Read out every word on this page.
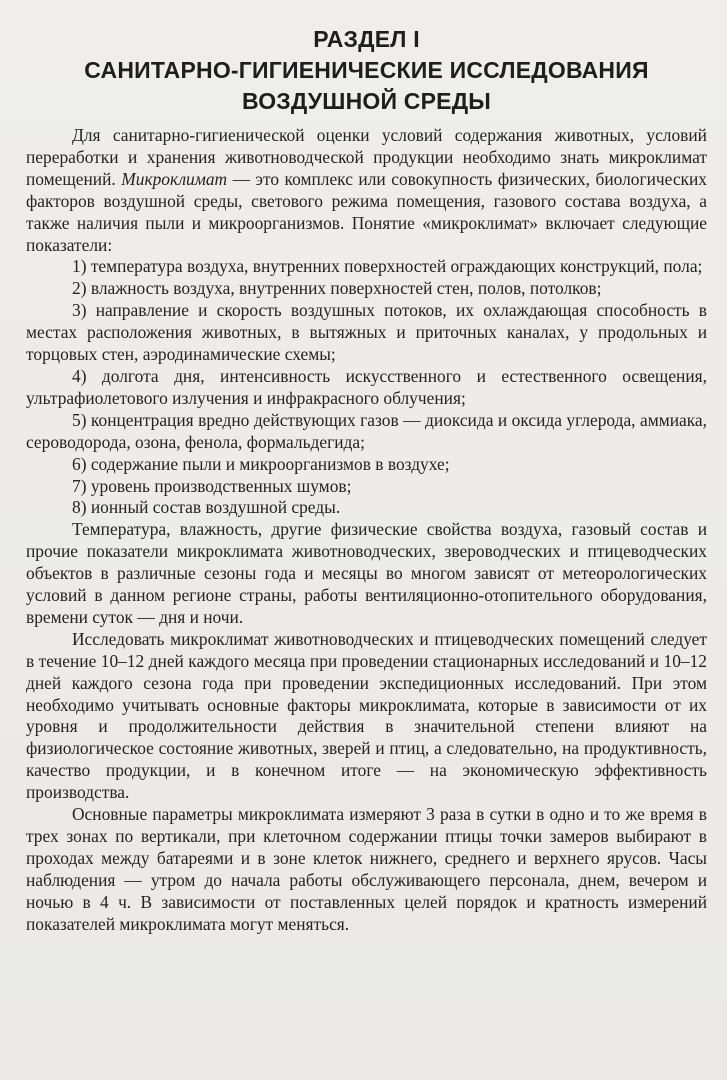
РАЗДЕЛ I
САНИТАРНО-ГИГИЕНИЧЕСКИЕ ИССЛЕДОВАНИЯ
ВОЗДУШНОЙ СРЕДЫ

Для санитарно-гигиенической оценки условий содержания животных, условий переработки и хранения животноводческой продукции необходимо знать микроклимат помещений. Микроклимат — это комплекс или совокупность физических, биологических факторов воздушной среды, светового режима помещения, газового состава воздуха, а также наличия пыли и микроорганизмов. Понятие «микроклимат» включает следующие показатели:

1) температура воздуха, внутренних поверхностей ограждающих конструкций, пола;

2) влажность воздуха, внутренних поверхностей стен, полов, потолков;

3) направление и скорость воздушных потоков, их охлаждающая способность в местах расположения животных, в вытяжных и приточных каналах, у продольных и торцовых стен, аэродинамические схемы;

4) долгота дня, интенсивность искусственного и естественного освещения, ультрафиолетового излучения и инфракрасного облучения;

5) концентрация вредно действующих газов — диоксида и оксида углерода, аммиака, сероводорода, озона, фенола, формальдегида;

6) содержание пыли и микроорганизмов в воздухе;

7) уровень производственных шумов;

8) ионный состав воздушной среды.

Температура, влажность, другие физические свойства воздуха, газовый состав и прочие показатели микроклимата животноводческих, звероводческих и птицеводческих объектов в различные сезоны года и месяцы во многом зависят от метеорологических условий в данном регионе страны, работы вентиляционно-отопительного оборудования, времени суток — дня и ночи.

Исследовать микроклимат животноводческих и птицеводческих помещений следует в течение 10–12 дней каждого месяца при проведении стационарных исследований и 10–12 дней каждого сезона года при проведении экспедиционных исследований. При этом необходимо учитывать основные факторы микроклимата, которые в зависимости от их уровня и продолжительности действия в значительной степени влияют на физиологическое состояние животных, зверей и птиц, а следовательно, на продуктивность, качество продукции, и в конечном итоге — на экономическую эффективность производства.

Основные параметры микроклимата измеряют 3 раза в сутки в одно и то же время в трех зонах по вертикали, при клеточном содержании птицы точки замеров выбирают в проходах между батареями и в зоне клеток нижнего, среднего и верхнего ярусов. Часы наблюдения — утром до начала работы обслуживающего персонала, днем, вечером и ночью в 4 ч. В зависимости от поставленных целей порядок и кратность измерений показателей микроклимата могут меняться.
